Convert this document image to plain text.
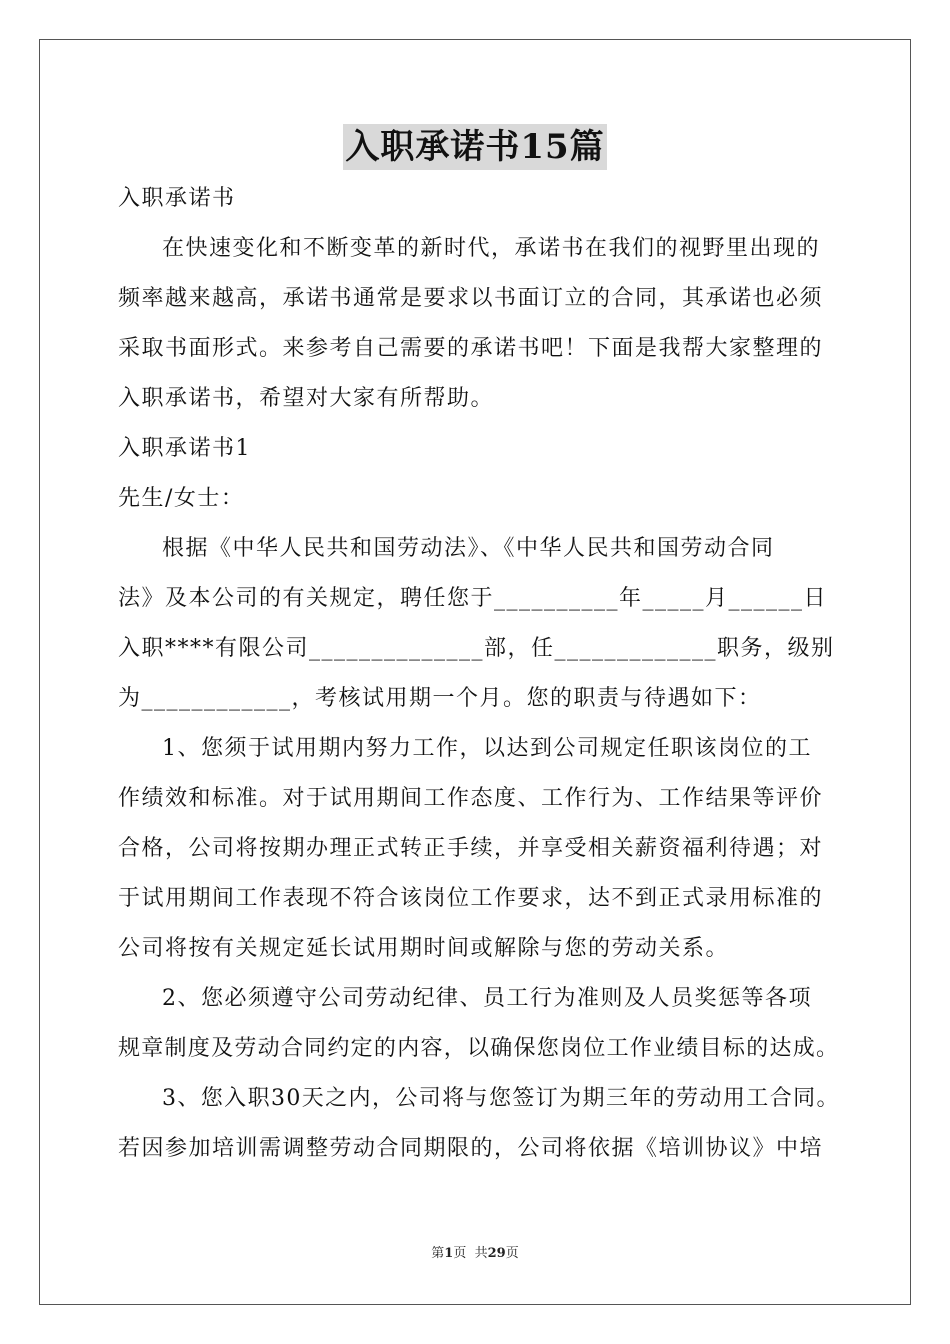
入职承诺书15篇
入职承诺书
在快速变化和不断变革的新时代，承诺书在我们的视野里出现的
频率越来越高，承诺书通常是要求以书面订立的合同，其承诺也必须
采取书面形式。来参考自己需要的承诺书吧！下面是我帮大家整理的
入职承诺书，希望对大家有所帮助。
入职承诺书1
先生/女士：
根据《中华人民共和国劳动法》、《中华人民共和国劳动合同
法》及本公司的有关规定，聘任您于__________年_____月______日
入职****有限公司______________部，任_____________职务，级别
为____________，考核试用期一个月。您的职责与待遇如下：
1、您须于试用期内努力工作，以达到公司规定任职该岗位的工
作绩效和标准。对于试用期间工作态度、工作行为、工作结果等评价
合格，公司将按期办理正式转正手续，并享受相关薪资福利待遇；对
于试用期间工作表现不符合该岗位工作要求，达不到正式录用标准的
公司将按有关规定延长试用期时间或解除与您的劳动关系。
2、您必须遵守公司劳动纪律、员工行为准则及人员奖惩等各项
规章制度及劳动合同约定的内容，以确保您岗位工作业绩目标的达成。
3、您入职30天之内，公司将与您签订为期三年的劳动用工合同。
若因参加培训需调整劳动合同期限的，公司将依据《培训协议》中培
第1页  共29页
